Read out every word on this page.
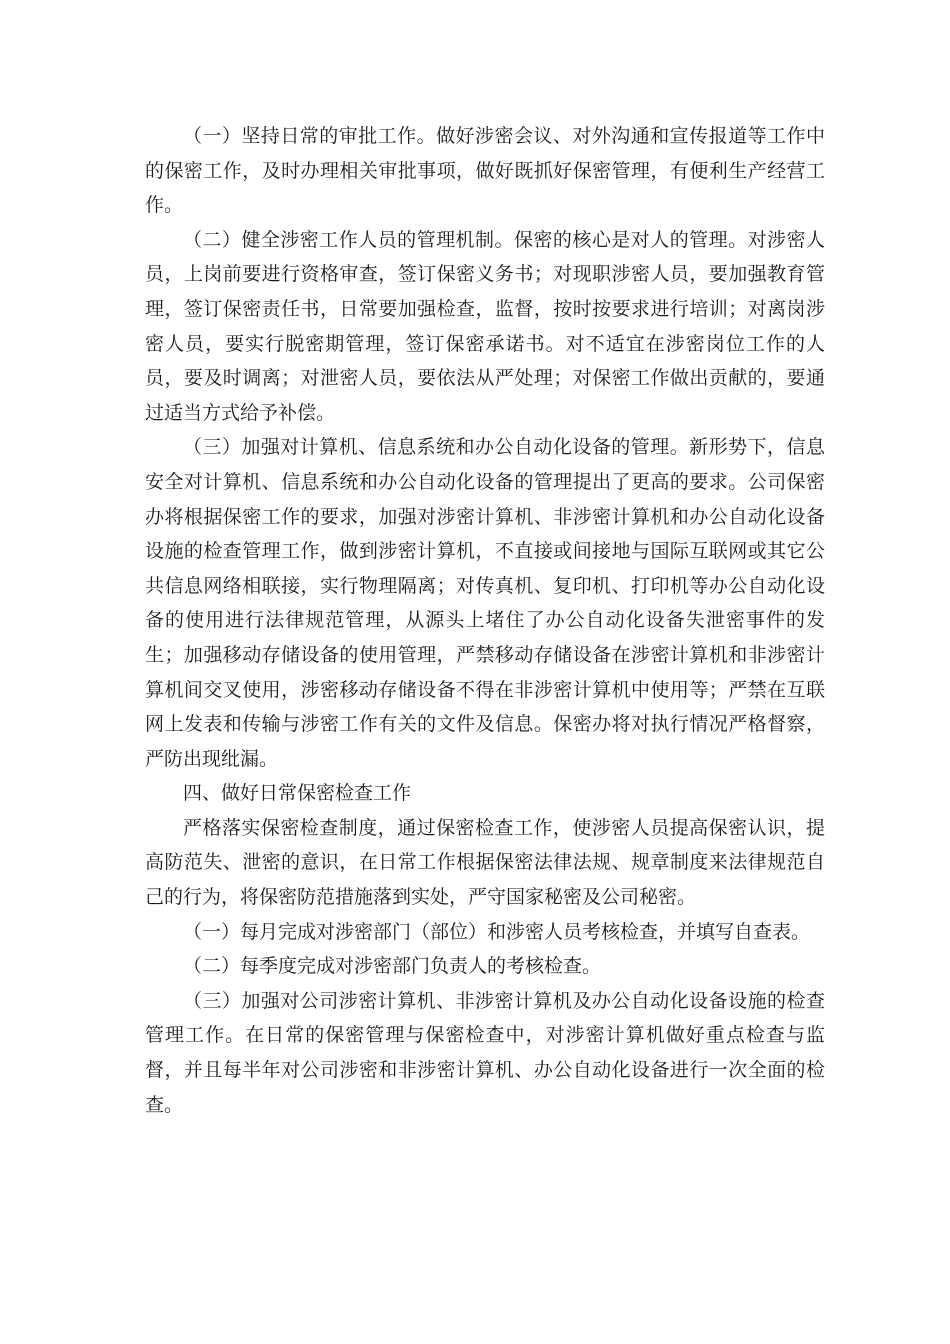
（一）坚持日常的审批工作。做好涉密会议、对外沟通和宣传报道等工作中的保密工作，及时办理相关审批事项，做好既抓好保密管理，有便利生产经营工作。

（二）健全涉密工作人员的管理机制。保密的核心是对人的管理。对涉密人员，上岗前要进行资格审查，签订保密义务书；对现职涉密人员，要加强教育管理，签订保密责任书，日常要加强检查，监督，按时按要求进行培训；对离岗涉密人员，要实行脱密期管理，签订保密承诺书。对不适宜在涉密岗位工作的人员，要及时调离；对泄密人员，要依法从严处理；对保密工作做出贡献的，要通过适当方式给予补偿。

（三）加强对计算机、信息系统和办公自动化设备的管理。新形势下，信息安全对计算机、信息系统和办公自动化设备的管理提出了更高的要求。公司保密办将根据保密工作的要求，加强对涉密计算机、非涉密计算机和办公自动化设备设施的检查管理工作，做到涉密计算机，不直接或间接地与国际互联网或其它公共信息网络相联接，实行物理隔离；对传真机、复印机、打印机等办公自动化设备的使用进行法律规范管理，从源头上堵住了办公自动化设备失泄密事件的发生；加强移动存储设备的使用管理，严禁移动存储设备在涉密计算机和非涉密计算机间交叉使用，涉密移动存储设备不得在非涉密计算机中使用等；严禁在互联网上发表和传输与涉密工作有关的文件及信息。保密办将对执行情况严格督察，严防出现纰漏。

四、做好日常保密检查工作

严格落实保密检查制度，通过保密检查工作，使涉密人员提高保密认识，提高防范失、泄密的意识，在日常工作根据保密法律法规、规章制度来法律规范自己的行为，将保密防范措施落到实处，严守国家秘密及公司秘密。

（一）每月完成对涉密部门（部位）和涉密人员考核检查，并填写自查表。

（二）每季度完成对涉密部门负责人的考核检查。

（三）加强对公司涉密计算机、非涉密计算机及办公自动化设备设施的检查管理工作。在日常的保密管理与保密检查中，对涉密计算机做好重点检查与监督，并且每半年对公司涉密和非涉密计算机、办公自动化设备进行一次全面的检查。
